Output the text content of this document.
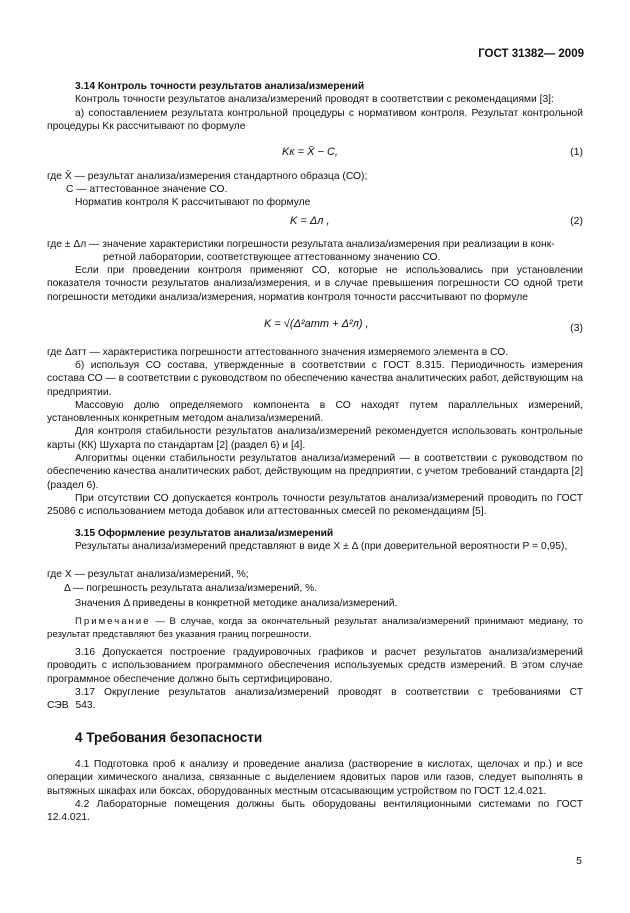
ГОСТ 31382— 2009

3.14 Контроль точности результатов анализа/измерений

Контроль точности результатов анализа/измерений проводят в соответствии с рекомендациями [3]:

а) сопоставлением результата контрольной процедуры с нормативом контроля. Результат контрольной процедуры Kк рассчитывают по формуле

Kк = X̄ − C,	(1)
где X̄ — результат анализа/измерения стандартного образца (СО);
C — аттестованное значение СО.
Норматив контроля K рассчитывают по формуле
K = Δл ,	(2)
где ± Δл — значение характеристики погрешности результата анализа/измерения при реализации в конк-
ретной лаборатории, соответствующее аттестованному значению СО.

Если при проведении контроля применяют СО, которые не использовались при установлении показателя точности результатов анализа/измерения, и в случае превышения погрешности СО одной трети погрешности методики анализа/измерения, норматив контроля точности рассчитывают по формуле

K = √(Δ²атт + Δ²л) ,	(3)
где Δатт — характеристика погрешности аттестованного значения измеряемого элемента в СО.

б) используя СО состава, утвержденные в соответствии с ГОСТ 8.315. Периодичность измерения состава СО — в соответствии с руководством по обеспечению качества аналитических работ, действующим на предприятии.

Массовую долю определяемого компонента в СО находят путем параллельных измерений, установленных конкретным методом анализа/измерений.

Для контроля стабильности результатов анализа/измерений рекомендуется использовать контрольные карты (КК) Шухарта по стандартам [2] (раздел 6) и [4].

Алгоритмы оценки стабильности результатов анализа/измерений — в соответствии с руководством по обеспечению качества аналитических работ, действующим на предприятии, с учетом требований стандарта [2] (раздел 6).

При отсутствии СО допускается контроль точности результатов анализа/измерений проводить по ГОСТ 25086 с использованием метода добавок или аттестованных смесей по рекомендациям [5].

3.15 Оформление результатов анализа/измерений

Результаты анализа/измерений представляют в виде X ± Δ (при доверительной вероятности P = 0,95),

где X — результат анализа/измерений, %;
Δ — погрешность результата анализа/измерений, %.
Значения Δ приведены в конкретной методике анализа/измерений.

Примечание — В случае, когда за окончательный результат анализа/измерений принимают медиану, то результат представляют без указания границ погрешности.

3.16 Допускается построение градуировочных графиков и расчет результатов анализа/измерений проводить с использованием программного обеспечения используемых средств измерений. В этом случае программное обеспечение должно быть сертифицировано.

3.17 Округление результатов анализа/измерений проводят в соответствии с требованиями СТ СЭВ 543.

4 Требования безопасности

4.1 Подготовка проб к анализу и проведение анализа (растворение в кислотах, щелочах и пр.) и все операции химического анализа, связанные с выделением ядовитых паров или газов, следует выполнять в вытяжных шкафах или боксах, оборудованных местным отсасывающим устройством по ГОСТ 12.4.021.

4.2 Лабораторные помещения должны быть оборудованы вентиляционными системами по ГОСТ 12.4.021.

5
